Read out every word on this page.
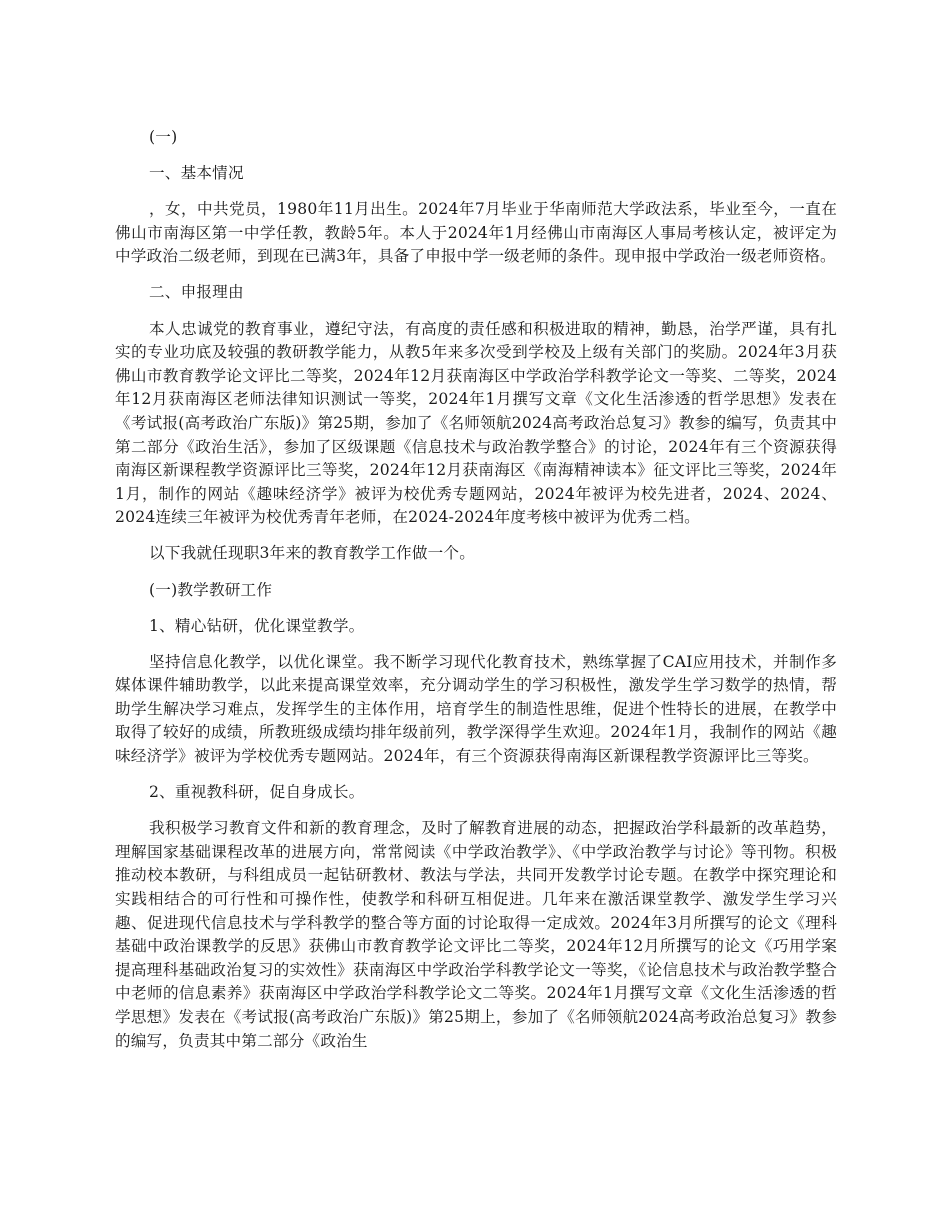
(一)

一、基本情况

，女，中共党员，1980年11月出生。2024年7月毕业于华南师范大学政法系，毕业至今，一直在佛山市南海区第一中学任教，教龄5年。本人于2024年1月经佛山市南海区人事局考核认定，被评定为中学政治二级老师，到现在已满3年，具备了申报中学一级老师的条件。现申报中学政治一级老师资格。

二、申报理由

本人忠诚党的教育事业，遵纪守法，有高度的责任感和积极进取的精神，勤恳，治学严谨，具有扎实的专业功底及较强的教研教学能力，从教5年来多次受到学校及上级有关部门的奖励。2024年3月获佛山市教育教学论文评比二等奖，2024年12月获南海区中学政治学科教学论文一等奖、二等奖，2024年12月获南海区老师法律知识测试一等奖，2024年1月撰写文章《文化生活渗透的哲学思想》发表在《考试报(高考政治广东版)》第25期，参加了《名师领航2024高考政治总复习》教参的编写，负责其中第二部分《政治生活》，参加了区级课题《信息技术与政治教学整合》的讨论，2024年有三个资源获得南海区新课程教学资源评比三等奖，2024年12月获南海区《南海精神读本》征文评比三等奖，2024年1月，制作的网站《趣味经济学》被评为校优秀专题网站，2024年被评为校先进者，2024、2024、2024连续三年被评为校优秀青年老师，在2024-2024年度考核中被评为优秀二档。

以下我就任现职3年来的教育教学工作做一个。

(一)教学教研工作

1、精心钻研，优化课堂教学。

坚持信息化教学，以优化课堂。我不断学习现代化教育技术，熟练掌握了CAI应用技术，并制作多媒体课件辅助教学，以此来提高课堂效率，充分调动学生的学习积极性，激发学生学习数学的热情，帮助学生解决学习难点，发挥学生的主体作用，培育学生的制造性思维，促进个性特长的进展，在教学中取得了较好的成绩，所教班级成绩均排年级前列，教学深得学生欢迎。2024年1月，我制作的网站《趣味经济学》被评为学校优秀专题网站。2024年，有三个资源获得南海区新课程教学资源评比三等奖。

2、重视教科研，促自身成长。

我积极学习教育文件和新的教育理念，及时了解教育进展的动态，把握政治学科最新的改革趋势，理解国家基础课程改革的进展方向，常常阅读《中学政治教学》、《中学政治教学与讨论》等刊物。积极推动校本教研，与科组成员一起钻研教材、教法与学法，共同开发教学讨论专题。在教学中探究理论和实践相结合的可行性和可操作性，使教学和科研互相促进。几年来在激活课堂教学、激发学生学习兴趣、促进现代信息技术与学科教学的整合等方面的讨论取得一定成效。2024年3月所撰写的论文《理科基础中政治课教学的反思》获佛山市教育教学论文评比二等奖，2024年12月所撰写的论文《巧用学案提高理科基础政治复习的实效性》获南海区中学政治学科教学论文一等奖，《论信息技术与政治教学整合中老师的信息素养》获南海区中学政治学科教学论文二等奖。2024年1月撰写文章《文化生活渗透的哲学思想》发表在《考试报(高考政治广东版)》第25期上，参加了《名师领航2024高考政治总复习》教参的编写，负责其中第二部分《政治生
